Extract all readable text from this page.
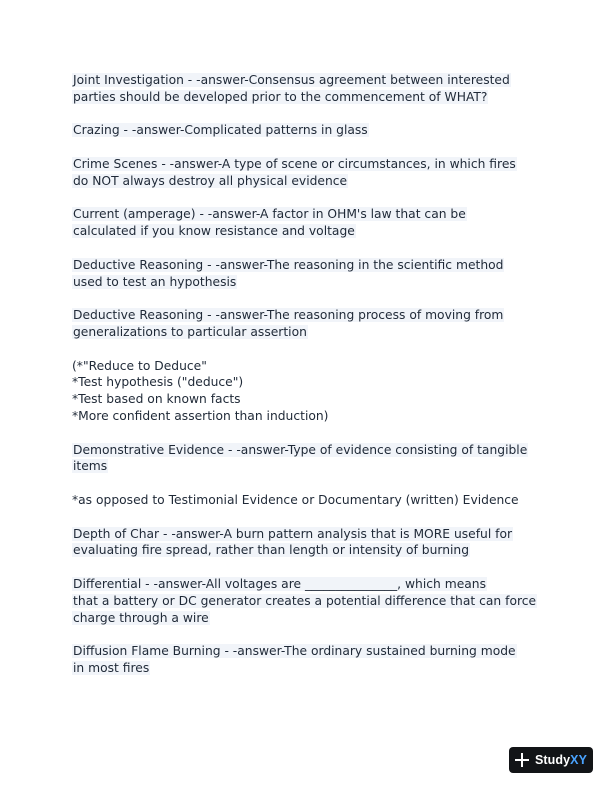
Joint Investigation - -answer-Consensus agreement between interested
parties should be developed prior to the commencement of WHAT?
Crazing - -answer-Complicated patterns in glass
Crime Scenes - -answer-A type of scene or circumstances, in which fires
do NOT always destroy all physical evidence
Current (amperage) - -answer-A factor in OHM's law that can be
calculated if you know resistance and voltage
Deductive Reasoning - -answer-The reasoning in the scientific method
used to test an hypothesis
Deductive Reasoning - -answer-The reasoning process of moving from
generalizations to particular assertion
(*"Reduce to Deduce"
*Test hypothesis ("deduce")
*Test based on known facts
*More confident assertion than induction)
Demonstrative Evidence - -answer-Type of evidence consisting of tangible
items
*as opposed to Testimonial Evidence or Documentary (written) Evidence
Depth of Char - -answer-A burn pattern analysis that is MORE useful for
evaluating fire spread, rather than length or intensity of burning
Differential - -answer-All voltages are _______________, which means
that a battery or DC generator creates a potential difference that can force
charge through a wire
Diffusion Flame Burning - -answer-The ordinary sustained burning mode
in most fires
StudyXY
